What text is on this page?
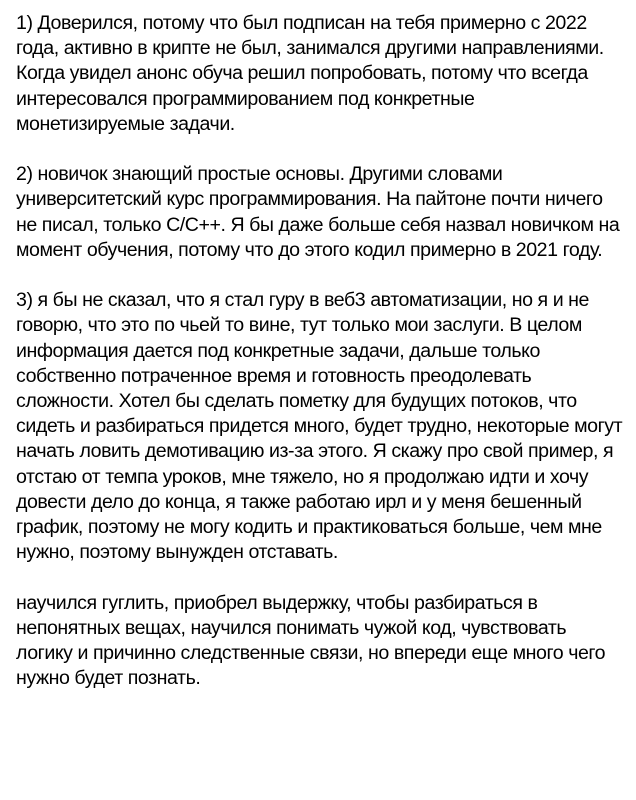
1) Доверился, потому что был подписан на тебя примерно с 2022 года, активно в крипте не был, занимался другими направлениями. Когда увидел анонс обуча решил попробовать, потому что всегда интересовался программированием под конкретные монетизируемые задачи.

2) новичок знающий простые основы. Другими словами университетский курс программирования. На пайтоне почти ничего не писал, только С/С++. Я бы даже больше себя назвал новичком на момент обучения, потому что до этого кодил примерно в 2021 году.

3) я бы не сказал, что я стал гуру в веб3 автоматизации, но я и не говорю, что это по чьей то вине, тут только мои заслуги. В целом информация дается под конкретные задачи, дальше только собственно потраченное время и готовность преодолевать сложности. Хотел бы сделать пометку для будущих потоков, что сидеть и разбираться придется много, будет трудно, некоторые могут начать ловить демотивацию из-за этого. Я скажу про свой пример, я отстаю от темпа уроков, мне тяжело, но я продолжаю идти и хочу довести дело до конца, я также работаю ирл и у меня бешенный график, поэтому не могу кодить и практиковаться больше, чем мне нужно, поэтому вынужден отставать.

научился гуглить, приобрел выдержку, чтобы разбираться в непонятных вещах, научился понимать чужой код, чувствовать логику и причинно следственные связи, но впереди еще много чего нужно будет познать.
